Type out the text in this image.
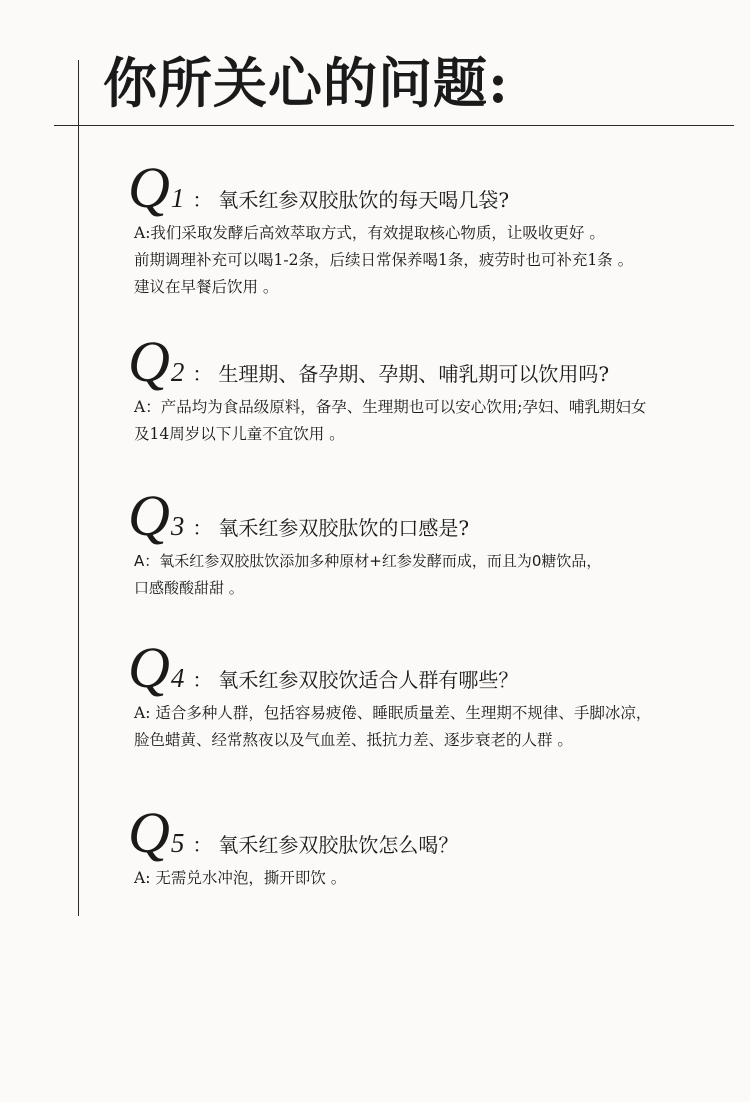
你所关心的问题:
Q 1 ： 氧禾红参双胶肽饮的每天喝几袋?

A:我们采取发酵后高效萃取方式，有效提取核心物质，让吸收更好 。

前期调理补充可以喝1-2条，后续日常保养喝1条，疲劳时也可补充1条 。

建议在早餐后饮用 。

Q 2 ： 生理期、备孕期、孕期、哺乳期可以饮用吗?

A：产品均为食品级原料，备孕、生理期也可以安心饮用;孕妇、哺乳期妇女

及14周岁以下儿童不宜饮用 。

Q 3 ： 氧禾红参双胶肽饮的口感是?

A：氧禾红参双胶肽饮添加多种原材+红参发酵而成，而且为0糖饮品，

口感酸酸甜甜 。

Q 4 ： 氧禾红参双胶饮适合人群有哪些？

A: 适合多种人群，包括容易疲倦、睡眠质量差、生理期不规律、手脚冰凉，

脸色蜡黄、经常熬夜以及气血差、抵抗力差、逐步衰老的人群 。

Q 5 ： 氧禾红参双胶肽饮怎么喝？

A: 无需兑水冲泡，撕开即饮 。
